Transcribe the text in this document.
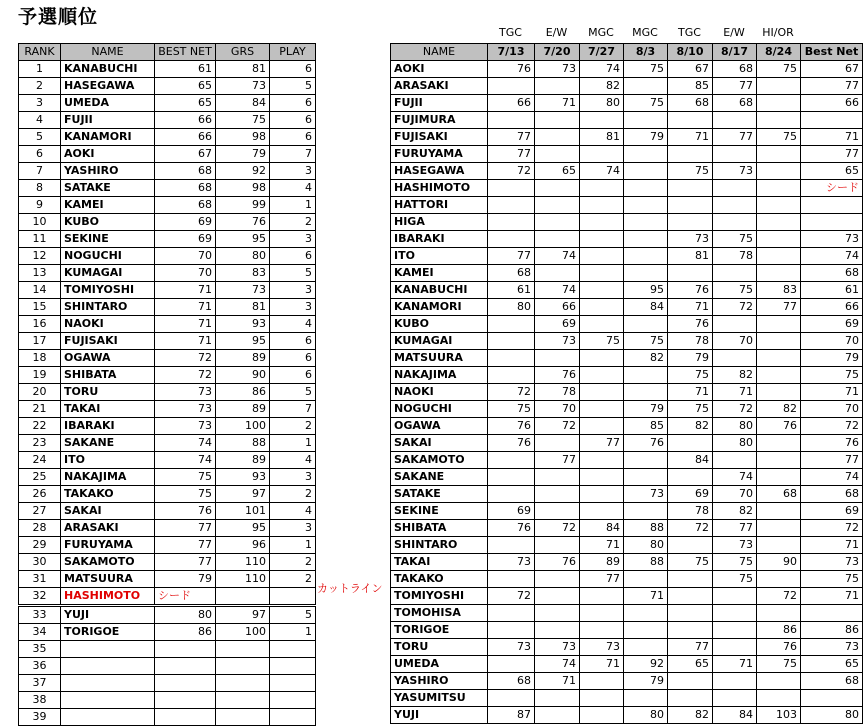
予選順位
TGC	E/W	MGC	MGC	TGC	E/W	HI/OR
RANK	NAME	BEST NET	GRS	PLAY
1	KANABUCHI	61	81	6
2	HASEGAWA	65	73	5
3	UMEDA	65	84	6
4	FUJII	66	75	6
5	KANAMORI	66	98	6
6	AOKI	67	79	7
7	YASHIRO	68	92	3
8	SATAKE	68	98	4
9	KAMEI	68	99	1
10	KUBO	69	76	2
11	SEKINE	69	95	3
12	NOGUCHI	70	80	6
13	KUMAGAI	70	83	5
14	TOMIYOSHI	71	73	3
15	SHINTARO	71	81	3
16	NAOKI	71	93	4
17	FUJISAKI	71	95	6
18	OGAWA	72	89	6
19	SHIBATA	72	90	6
20	TORU	73	86	5
21	TAKAI	73	89	7
22	IBARAKI	73	100	2
23	SAKANE	74	88	1
24	ITO	74	89	4
25	NAKAJIMA	75	93	3
26	TAKAKO	75	97	2
27	SAKAI	76	101	4
28	ARASAKI	77	95	3
29	FURUYAMA	77	96	1
30	SAKAMOTO	77	110	2
31	MATSUURA	79	110	2
32	HASHIMOTO	シード		
33	YUJI	80	97	5
34	TORIGOE	86	100	1
35				
36				
37				
38				
39				
カットライン
NAME	7/13	7/20	7/27	8/3	8/10	8/17	8/24	Best Net
AOKI	76	73	74	75	67	68	75	67
ARASAKI			82		85	77		77
FUJII	66	71	80	75	68	68		66
FUJIMURA								
FUJISAKI	77		81	79	71	77	75	71
FURUYAMA	77							77
HASEGAWA	72	65	74		75	73		65
HASHIMOTO								シード
HATTORI								
HIGA								
IBARAKI					73	75		73
ITO	77	74			81	78		74
KAMEI	68							68
KANABUCHI	61	74		95	76	75	83	61
KANAMORI	80	66		84	71	72	77	66
KUBO		69			76			69
KUMAGAI		73	75	75	78	70		70
MATSUURA				82	79			79
NAKAJIMA		76			75	82		75
NAOKI	72	78			71	71		71
NOGUCHI	75	70		79	75	72	82	70
OGAWA	76	72		85	82	80	76	72
SAKAI	76		77	76		80		76
SAKAMOTO		77			84			77
SAKANE						74		74
SATAKE				73	69	70	68	68
SEKINE	69				78	82		69
SHIBATA	76	72	84	88	72	77		72
SHINTARO			71	80		73		71
TAKAI	73	76	89	88	75	75	90	73
TAKAKO			77			75		75
TOMIYOSHI	72			71			72	71
TOMOHISA								
TORIGOE							86	86
TORU	73	73	73		77		76	73
UMEDA		74	71	92	65	71	75	65
YASHIRO	68	71		79				68
YASUMITSU								
YUJI	87			80	82	84	103	80
